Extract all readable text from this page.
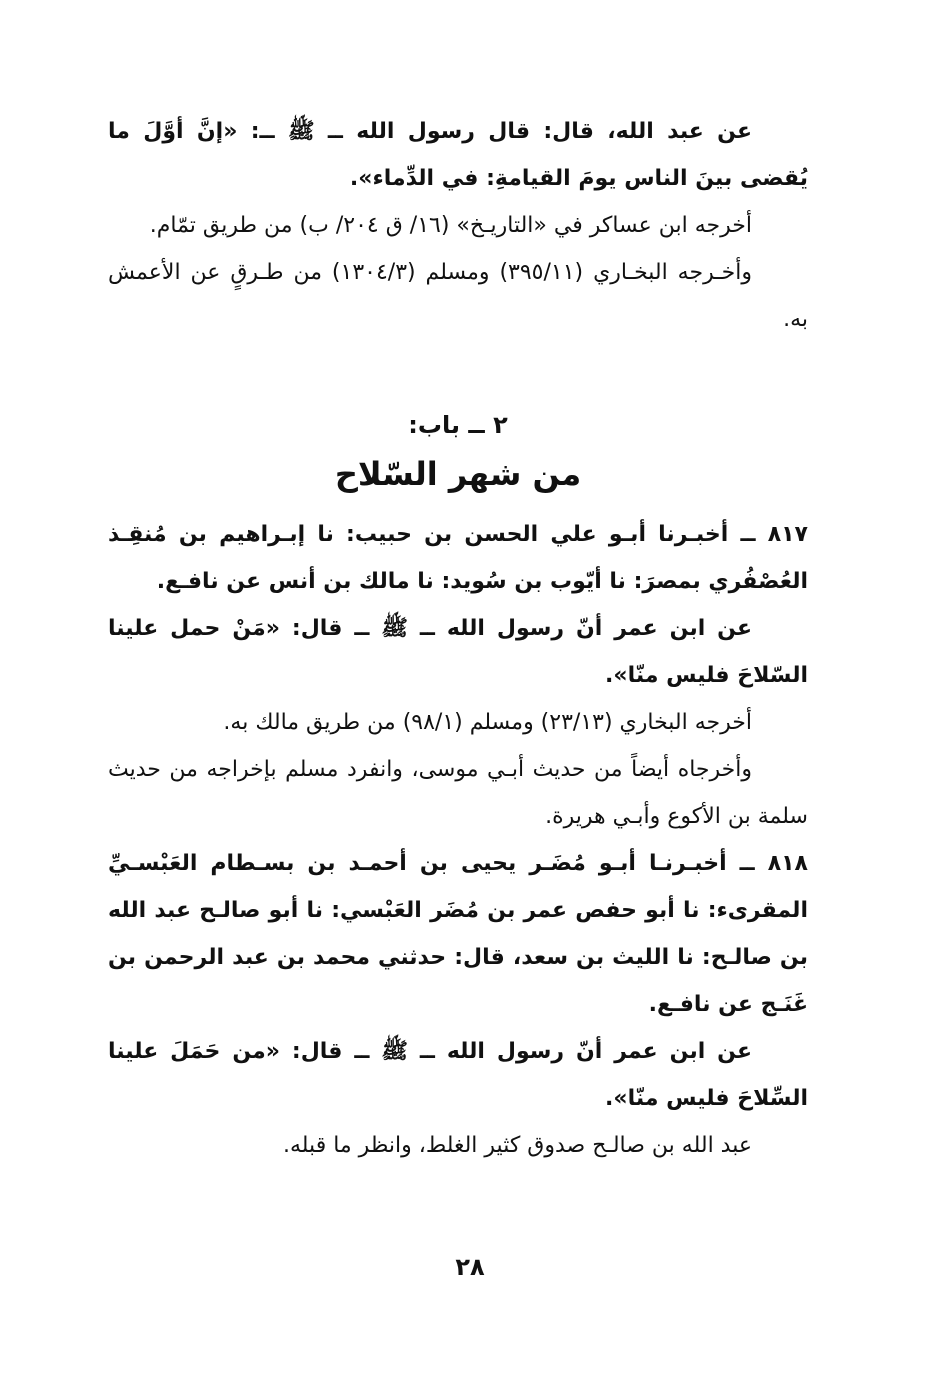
عن عبد الله، قال: قال رسول الله ــ ﷺ ــ: «إنَّ أوَّلَ ما يُقضى بينَ الناس يومَ القيامةِ: في الدِّماء».

أخرجه ابن عساكر في «التاريـخ» (١٦/ ق ٢٠٤/ ب) من طريق تمّام.

وأخـرجه البخـاري (٣٩٥/١١) ومسلم (١٣٠٤/٣) من طـرقٍ عن الأعمش به.

٢ ــ باب:

من شهر السّلاح

٨١٧ ــ أخبـرنا أبـو علي الحسن بن حبيب: نا إبـراهيم بن مُنقِـذ العُصْفُري بمصرَ: نا أيّوب بن سُويد: نا مالك بن أنس عن نافـع.

عن ابن عمر أنّ رسول الله ــ ﷺ ــ قال: «مَنْ حمل علينا السّلاحَ فليس منّا».

أخرجه البخاري (٢٣/١٣) ومسلم (٩٨/١) من طريق مالك به.

وأخرجاه أيضاً من حديث أبـي موسى، وانفرد مسلم بإخراجه من حديث سلمة بن الأكوع وأبـي هريرة.

٨١٨ ــ أخبـرنـا أبـو مُضَـر يحيى بن أحمـد بن بسـطام العَبْسـيِّ المقرىء: نا أبو حفص عمر بن مُضَر العَبْسي: نا أبو صالـح عبد الله بن صالـح: نا الليث بن سعد، قال: حدثني محمد بن عبد الرحمن بن غَنَـج عن نافـع.

عن ابن عمر أنّ رسول الله ــ ﷺ ــ قال: «من حَمَلَ علينا السِّلاحَ فليس منّا».

عبد الله بن صالـح صدوق كثير الغلط، وانظر ما قبله.

٢٨
